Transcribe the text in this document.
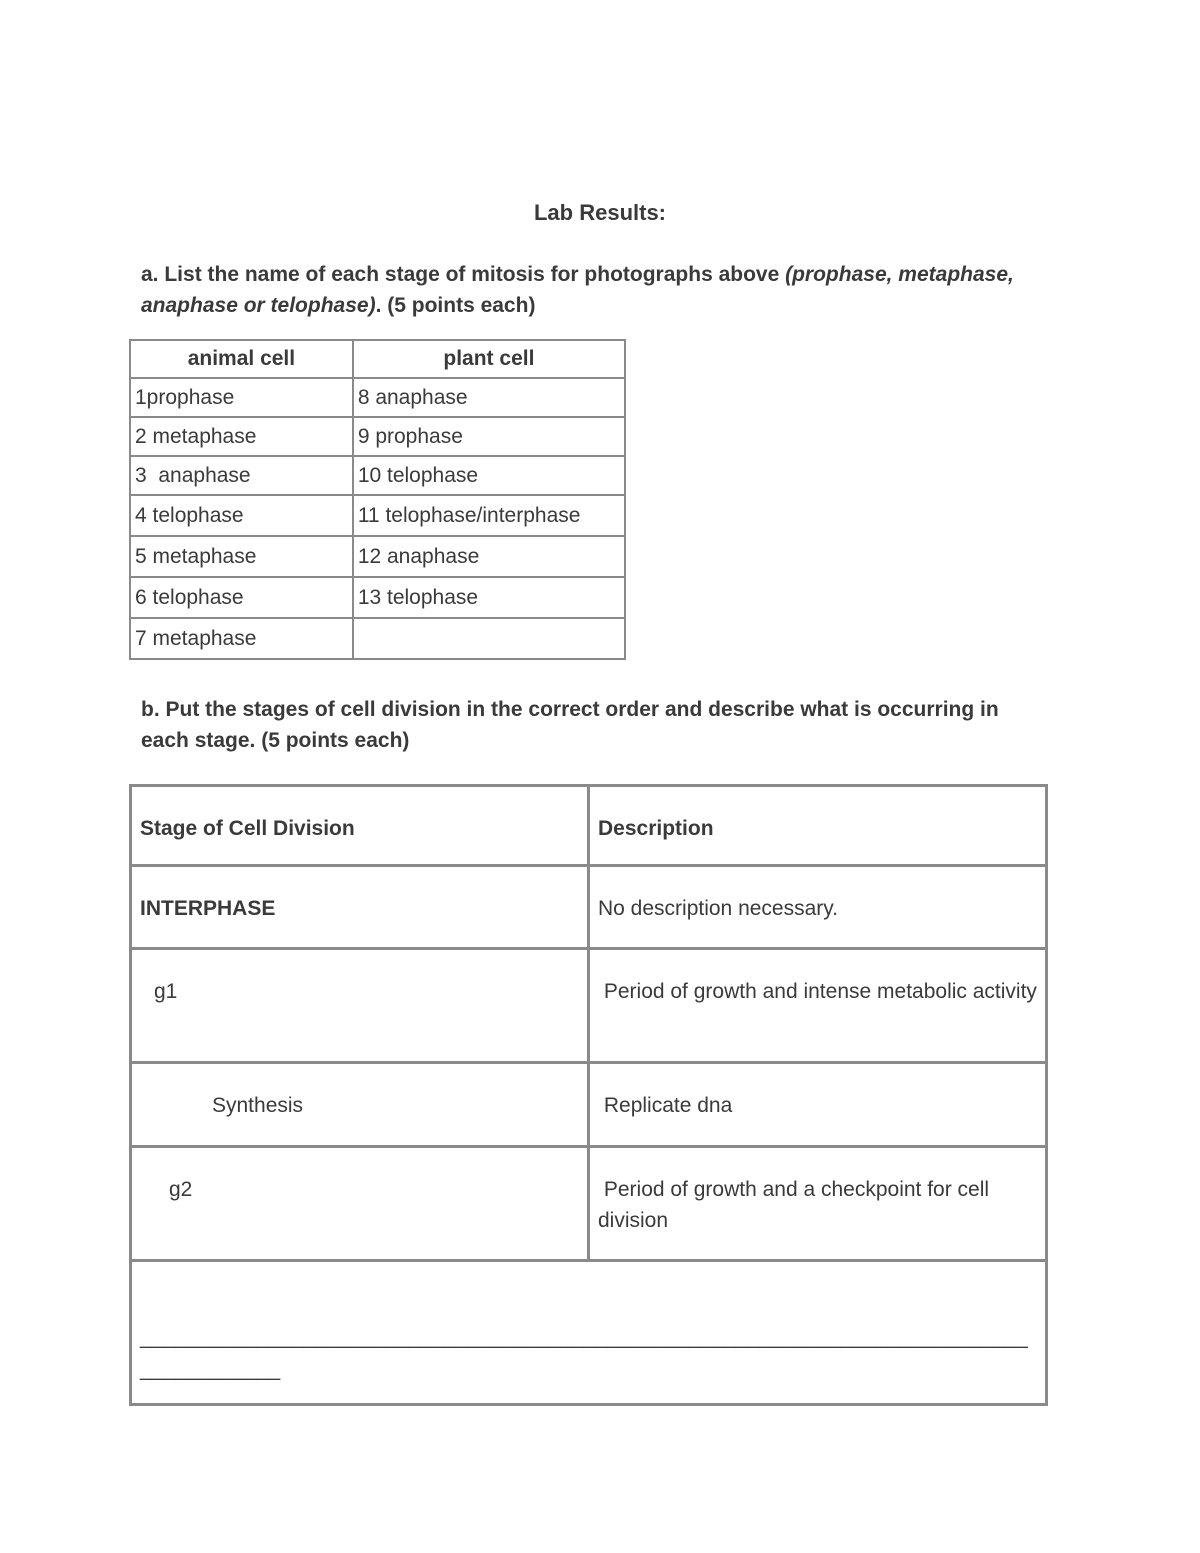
Lab Results:
a. List the name of each stage of mitosis for photographs above (prophase, metaphase, anaphase or telophase). (5 points each)
animal cell	plant cell
1prophase	8 anaphase
2 metaphase	9 prophase
3  anaphase	10 telophase
4 telophase	11 telophase/interphase
5 metaphase	12 anaphase
6 telophase	13 telophase
7 metaphase	
b. Put the stages of cell division in the correct order and describe what is occurring in each stage. (5 points each)
Stage of Cell Division	Description
INTERPHASE	No description necessary.
g1	Period of growth and intense metabolic activity
Synthesis	Replicate dna
g2	Period of growth and a checkpoint for cell division

________________________________________________________________________________________	
